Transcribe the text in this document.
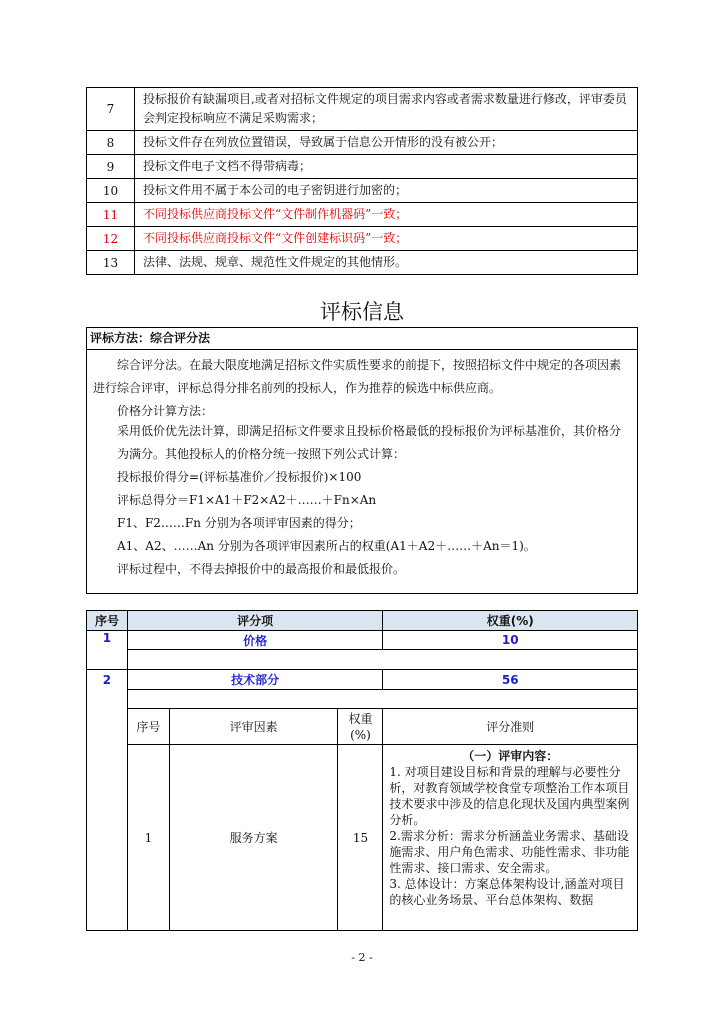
7	投标报价有缺漏项目,或者对招标文件规定的项目需求内容或者需求数量进行修改，评审委员会判定投标响应不满足采购需求；
8	投标文件存在列放位置错误，导致属于信息公开情形的没有被公开；
9	投标文件电子文档不得带病毒；
10	投标文件用不属于本公司的电子密钥进行加密的；
11	不同投标供应商投标文件“文件制作机器码”一致；
12	不同投标供应商投标文件“文件创建标识码”一致；
13	法律、法规、规章、规范性文件规定的其他情形。
评标信息
评标方法：综合评分法

综合评分法。在最大限度地满足招标文件实质性要求的前提下，按照招标文件中规定的各项因素进行综合评审，评标总得分排名前列的投标人，作为推荐的候选中标供应商。

价格分计算方法：

采用低价优先法计算，即满足招标文件要求且投标价格最低的投标报价为评标基准价，其价格分为满分。其他投标人的价格分统一按照下列公式计算：

投标报价得分=(评标基准价／投标报价)×100

评标总得分＝F1×A1＋F2×A2＋……＋Fn×An

F1、F2……Fn 分别为各项评审因素的得分；

A1、A2、……An 分别为各项评审因素所占的权重(A1＋A2＋……＋An＝1)。

评标过程中，不得去掉报价中的最高报价和最低报价。

序号	评分项			权重(%)
1	价格			10

2	技术部分			56

	序号	评审因素	权重(%)	评分准则
	1	服务方案	15	（一）评审内容：
1. 对项目建设目标和背景的理解与必要性分析，对教育领域学校食堂专项整治工作本项目技术要求中涉及的信息化现状及国内典型案例分析。
2.需求分析：需求分析涵盖业务需求、基础设施需求、用户角色需求、功能性需求、非功能性需求、接口需求、安全需求。
3. 总体设计：方案总体架构设计,涵盖对项目的核心业务场景、平台总体架构、数据
- 2 -
